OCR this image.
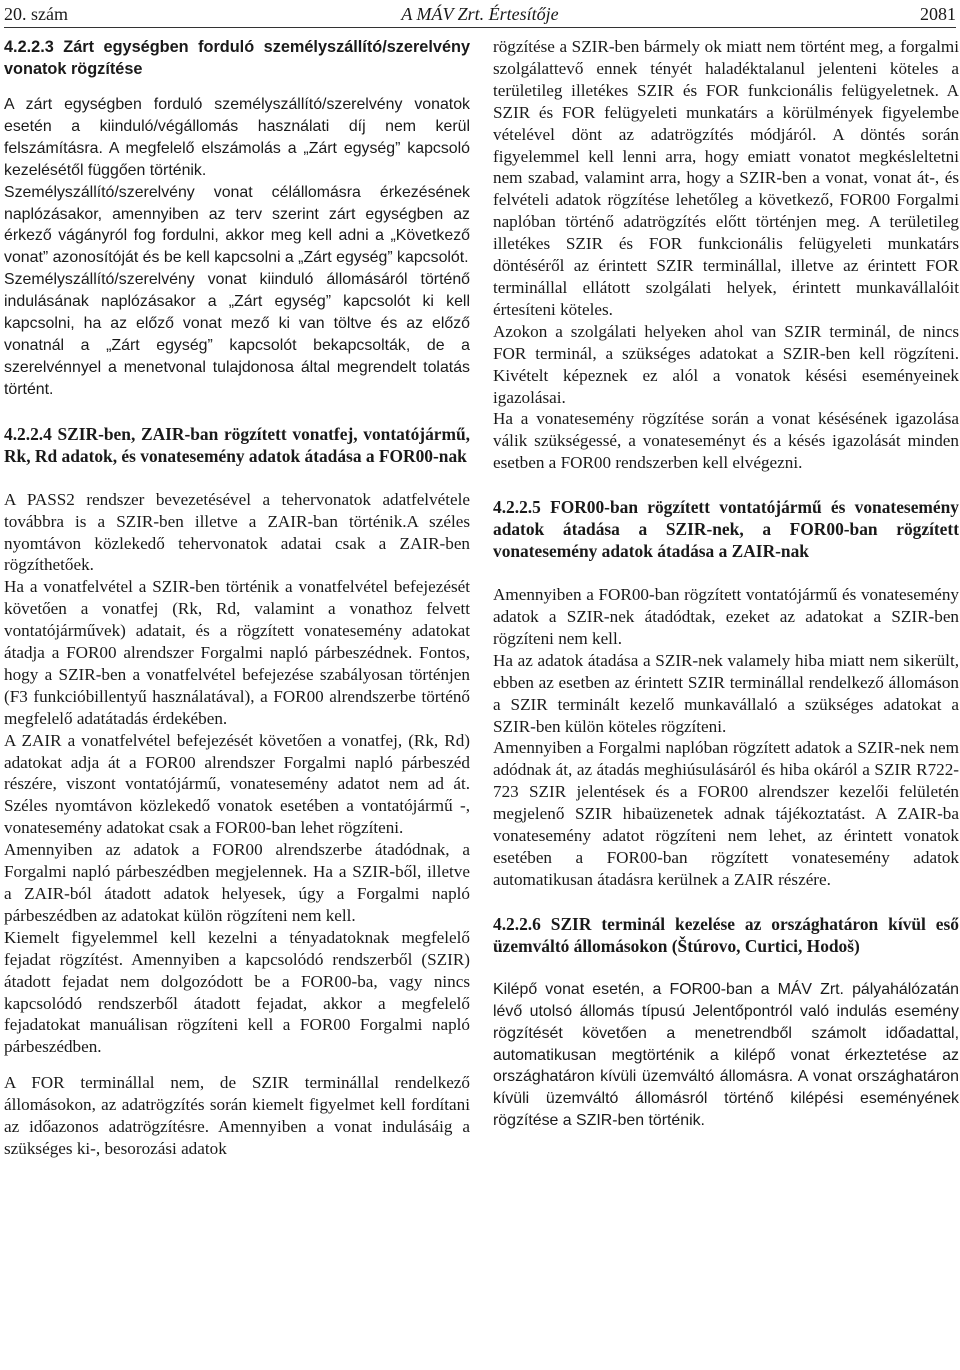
20. szám	A MÁV Zrt. Értesítője	2081
4.2.2.3 Zárt egységben forduló személyszállító/szerelvény vonatok rögzítése

A zárt egységben forduló személyszállító/szerelvény vonatok esetén a kiinduló/végállomás használati díj nem kerül felszámításra. A megfelelő elszámolás a „Zárt egység” kapcsoló kezelésétől függően történik.

Személyszállító/szerelvény vonat célállomásra érkezésének naplózásakor, amennyiben az terv szerint zárt egységben az érkező vágányról fog fordulni, akkor meg kell adni a „Következő vonat” azonosítóját és be kell kapcsolni a „Zárt egység” kapcsolót.

Személyszállító/szerelvény vonat kiinduló állomásáról történő indulásának naplózásakor a „Zárt egység” kapcsolót ki kell kapcsolni, ha az előző vonat mező ki van töltve és az előző vonatnál a „Zárt egység” kapcsolót bekapcsolták, de a szerelvénnyel a menetvonal tulajdonosa által megrendelt tolatás történt.

4.2.2.4 SZIR-ben, ZAIR-ban rögzített vonatfej, vontatójármű, Rk, Rd adatok, és vonatesemény adatok átadása a FOR00-nak

A PASS2 rendszer bevezetésével a tehervonatok adatfelvétele továbbra is a SZIR-ben illetve a ZAIR-ban történik.A széles nyomtávon közlekedő tehervonatok adatai csak a ZAIR-ben rögzíthetőek.

Ha a vonatfelvétel a SZIR-ben történik a vonatfelvétel befejezését követően a vonatfej (Rk, Rd, valamint a vonathoz felvett vontatójárművek) adatait, és a rögzített vonatesemény adatokat átadja a FOR00 alrendszer Forgalmi napló párbeszédnek. Fontos, hogy a SZIR-ben a vonatfelvétel befejezése szabályosan történjen (F3 funkcióbillentyű használatával), a FOR00 alrendszerbe történő megfelelő adatátadás érdekében.

A ZAIR a vonatfelvétel befejezését követően a vonatfej, (Rk, Rd) adatokat adja át a FOR00 alrendszer Forgalmi napló párbeszéd részére, viszont vontatójármű, vonatesemény adatot nem ad át. Széles nyomtávon közlekedő vonatok esetében a vontatójármű -, vonatesemény adatokat csak a FOR00-ban lehet rögzíteni.

Amennyiben az adatok a FOR00 alrendszerbe átadódnak, a Forgalmi napló párbeszédben megjelennek. Ha a SZIR-ből, illetve a ZAIR-ból átadott adatok helyesek, úgy a Forgalmi napló párbeszédben az adatokat külön rögzíteni nem kell.

Kiemelt figyelemmel kell kezelni a tényadatoknak megfelelő fejadat rögzítést. Amennyiben a kapcsolódó rendszerből (SZIR) átadott fejadat nem dolgozódott be a FOR00-ba, vagy nincs kapcsolódó rendszerből átadott fejadat, akkor a megfelelő fejadatokat manuálisan rögzíteni kell a FOR00 Forgalmi napló párbeszédben.

A FOR terminállal nem, de SZIR terminállal rendelkező állomásokon, az adatrögzítés során kiemelt figyelmet kell fordítani az időazonos adatrögzítésre. Amennyiben a vonat indulásáig a szükséges ki-, besorozási adatok

rögzítése a SZIR-ben bármely ok miatt nem történt meg, a forgalmi szolgálattevő ennek tényét haladéktalanul jelenteni köteles a területileg illetékes SZIR és FOR funkcionális felügyeletnek. A SZIR és FOR felügyeleti munkatárs a körülmények figyelembe vételével dönt az adatrögzítés módjáról. A döntés során figyelemmel kell lenni arra, hogy emiatt vonatot megkésleltetni nem szabad, valamint arra, hogy a SZIR-ben a vonat, vonat át-, és felvételi adatok rögzítése lehetőleg a következő, FOR00 Forgalmi naplóban történő adatrögzítés előtt történjen meg. A területileg illetékes SZIR és FOR funkcionális felügyeleti munkatárs döntéséről az érintett SZIR terminállal, illetve az érintett FOR terminállal ellátott szolgálati helyek, érintett munkavállalóit értesíteni köteles.

Azokon a szolgálati helyeken ahol van SZIR terminál, de nincs FOR terminál, a szükséges adatokat a SZIR-ben kell rögzíteni. Kivételt képeznek ez alól a vonatok késési eseményeinek igazolásai.

Ha a vonatesemény rögzítése során a vonat késésének igazolása válik szükségessé, a vonateseményt és a késés igazolását minden esetben a FOR00 rendszerben kell elvégezni.

4.2.2.5 FOR00-ban rögzített vontatójármű és vonatesemény adatok átadása a SZIR-nek, a FOR00-ban rögzített vonatesemény adatok átadása a ZAIR-nak

Amennyiben a FOR00-ban rögzített vontatójármű és vonatesemény adatok a SZIR-nek átadódtak, ezeket az adatokat a SZIR-ben rögzíteni nem kell.

Ha az adatok átadása a SZIR-nek valamely hiba miatt nem sikerült, ebben az esetben az érintett SZIR terminállal rendelkező állomáson a SZIR terminált kezelő munkavállaló a szükséges adatokat a SZIR-ben külön köteles rögzíteni.

Amennyiben a Forgalmi naplóban rögzített adatok a SZIR-nek nem adódnak át, az átadás meghiúsulásáról és hiba okáról a SZIR R722-723 SZIR jelentések és a FOR00 alrendszer kezelői felületén megjelenő SZIR hibaüzenetek adnak tájékoztatást. A ZAIR-ba vonatesemény adatot rögzíteni nem lehet, az érintett vonatok esetében a FOR00-ban rögzített vonatesemény adatok automatikusan átadásra kerülnek a ZAIR részére.

4.2.2.6 SZIR terminál kezelése az országhatáron kívül eső üzemváltó állomásokon (Štúrovo, Curtici, Hodoš)

Kilépő vonat esetén, a FOR00-ban a MÁV Zrt. pályahálózatán lévő utolsó állomás típusú Jelentőpontról való indulás esemény rögzítését követően a menetrendből számolt időadattal, automatikusan megtörténik a kilépő vonat érkeztetése az országhatáron kívüli üzemváltó állomásra. A vonat országhatáron kívüli üzemváltó állomásról történő kilépési eseményének rögzítése a SZIR-ben történik.
